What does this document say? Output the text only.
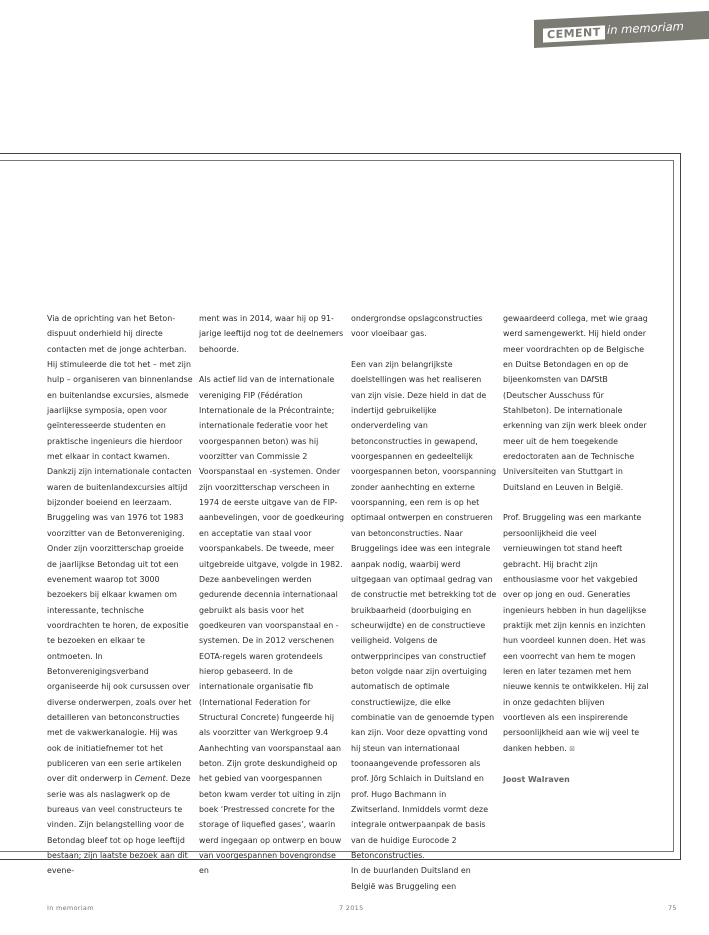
CEMENT in memoriam

Via de oprichting van het Beton-dispuut onderhield hij directe contacten met de jonge achterban. Hij stimuleerde die tot het – met zijn hulp – organiseren van binnenlandse en buitenlandse excursies, alsmede jaarlijkse symposia, open voor geïnteresseerde studenten en praktische ingenieurs die hierdoor met elkaar in contact kwamen. Dankzij zijn internationale contacten waren de buitenlandexcursies altijd bijzonder boeiend en leerzaam. Bruggeling was van 1976 tot 1983 voorzitter van de Betonvereniging. Onder zijn voorzitterschap groeide de jaarlijkse Betondag uit tot een evenement waarop tot 3000 bezoekers bij elkaar kwamen om interessante, technische voordrachten te horen, de expositie te bezoeken en elkaar te ontmoeten. In Betonverenigingsverband organiseerde hij ook cursussen over diverse onderwerpen, zoals over het detailleren van betonconstructies met de vakwerkanalogie. Hij was ook de initiatiefnemer tot het publiceren van een serie artikelen over dit onderwerp in Cement. Deze serie was als naslagwerk op de bureaus van veel constructeurs te vinden. Zijn belangstelling voor de Betondag bleef tot op hoge leeftijd bestaan; zijn laatste bezoek aan dit evene-

ment was in 2014, waar hij op 91-jarige leeftijd nog tot de deelnemers behoorde.

Als actief lid van de internationale vereniging FIP (Fédération Internationale de la Précontrainte; internationale federatie voor het voorgespannen beton) was hij voorzitter van Commissie 2 Voorspanstaal en -systemen. Onder zijn voorzitterschap verscheen in 1974 de eerste uitgave van de FIP-aanbevelingen, voor de goedkeuring en acceptatie van staal voor voorspankabels. De tweede, meer uitgebreide uitgave, volgde in 1982. Deze aanbevelingen werden gedurende decennia internationaal gebruikt als basis voor het goedkeuren van voorspanstaal en -systemen. De in 2012 verschenen EOTA-regels waren grotendeels hierop gebaseerd. In de internationale organisatie fib (International Federation for Structural Concrete) fungeerde hij als voorzitter van Werkgroep 9.4 Aanhechting van voorspanstaal aan beton. Zijn grote deskundigheid op het gebied van voorgespannen beton kwam verder tot uiting in zijn boek ‘Prestressed concrete for the storage of liquefied gases’, waarin werd ingegaan op ontwerp en bouw van voorgespannen bovengrondse en

ondergrondse opslagconstructies voor vloeibaar gas.

Een van zijn belangrijkste doelstellingen was het realiseren van zijn visie. Deze hield in dat de indertijd gebruikelijke onderverdeling van betonconstructies in gewapend, voorgespannen en gedeeltelijk voorgespannen beton, voorspanning zonder aanhechting en externe voorspanning, een rem is op het optimaal ontwerpen en construeren van betonconstructies. Naar Bruggelings idee was een integrale aanpak nodig, waarbij werd uitgegaan van optimaal gedrag van de constructie met betrekking tot de bruikbaarheid (doorbuiging en scheurwijdte) en de constructieve veiligheid. Volgens de ontwerpprincipes van constructief beton volgde naar zijn overtuiging automatisch de optimale constructiewijze, die elke combinatie van de genoemde typen kan zijn. Voor deze opvatting vond hij steun van internationaal toonaangevende professoren als prof. Jörg Schlaich in Duitsland en prof. Hugo Bachmann in Zwitserland. Inmiddels vormt deze integrale ontwerpaanpak de basis van de huidige Eurocode 2 Betonconstructies.

In de buurlanden Duitsland en België was Bruggeling een

gewaardeerd collega, met wie graag werd samengewerkt. Hij hield onder meer voordrachten op de Belgische en Duitse Betondagen en op de bijeenkomsten van DAfStB (Deutscher Ausschuss für Stahlbeton). De internationale erkenning van zijn werk bleek onder meer uit de hem toegekende eredoctoraten aan de Technische Universiteiten van Stuttgart in Duitsland en Leuven in België.

Prof. Bruggeling was een markante persoonlijkheid die veel vernieuwingen tot stand heeft gebracht. Hij bracht zijn enthousiasme voor het vakgebied over op jong en oud. Generaties ingenieurs hebben in hun dagelijkse praktijk met zijn kennis en inzichten hun voordeel kunnen doen. Het was een voorrecht van hem te mogen leren en later tezamen met hem nieuwe kennis te ontwikkelen. Hij zal in onze gedachten blijven voortleven als een inspirerende persoonlijkheid aan wie wij veel te danken hebben. ⊠

Joost Walraven

In memoriam	7 2015	75
